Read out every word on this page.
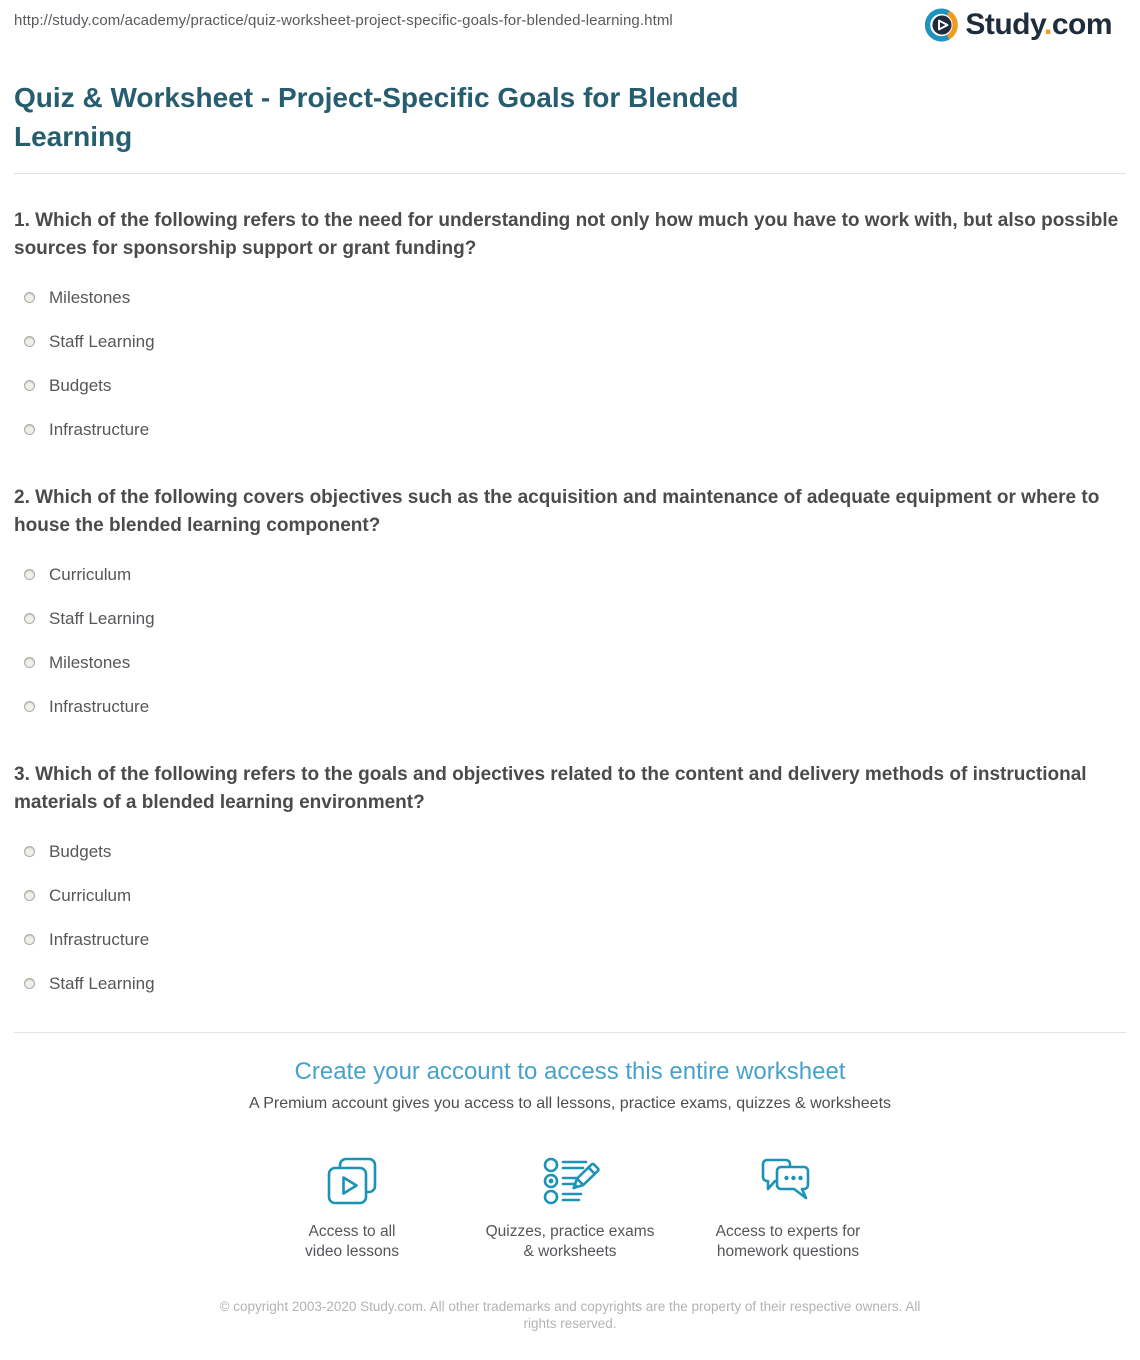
http://study.com/academy/practice/quiz-worksheet-project-specific-goals-for-blended-learning.html	Study.com
Quiz & Worksheet - Project-Specific Goals for Blended Learning

1. Which of the following refers to the need for understanding not only how much you have to work with, but also possible sources for sponsorship support or grant funding?

Milestones
Staff Learning
Budgets
Infrastructure

2. Which of the following covers objectives such as the acquisition and maintenance of adequate equipment or where to house the blended learning component?

Curriculum
Staff Learning
Milestones
Infrastructure

3. Which of the following refers to the goals and objectives related to the content and delivery methods of instructional materials of a blended learning environment?

Budgets
Curriculum
Infrastructure
Staff Learning
Create your account to access this entire worksheet
A Premium account gives you access to all lessons, practice exams, quizzes & worksheets
Access to all
video lessons
Quizzes, practice exams
& worksheets
Access to experts for
homework questions
© copyright 2003-2020 Study.com. All other trademarks and copyrights are the property of their respective owners. All rights reserved.
